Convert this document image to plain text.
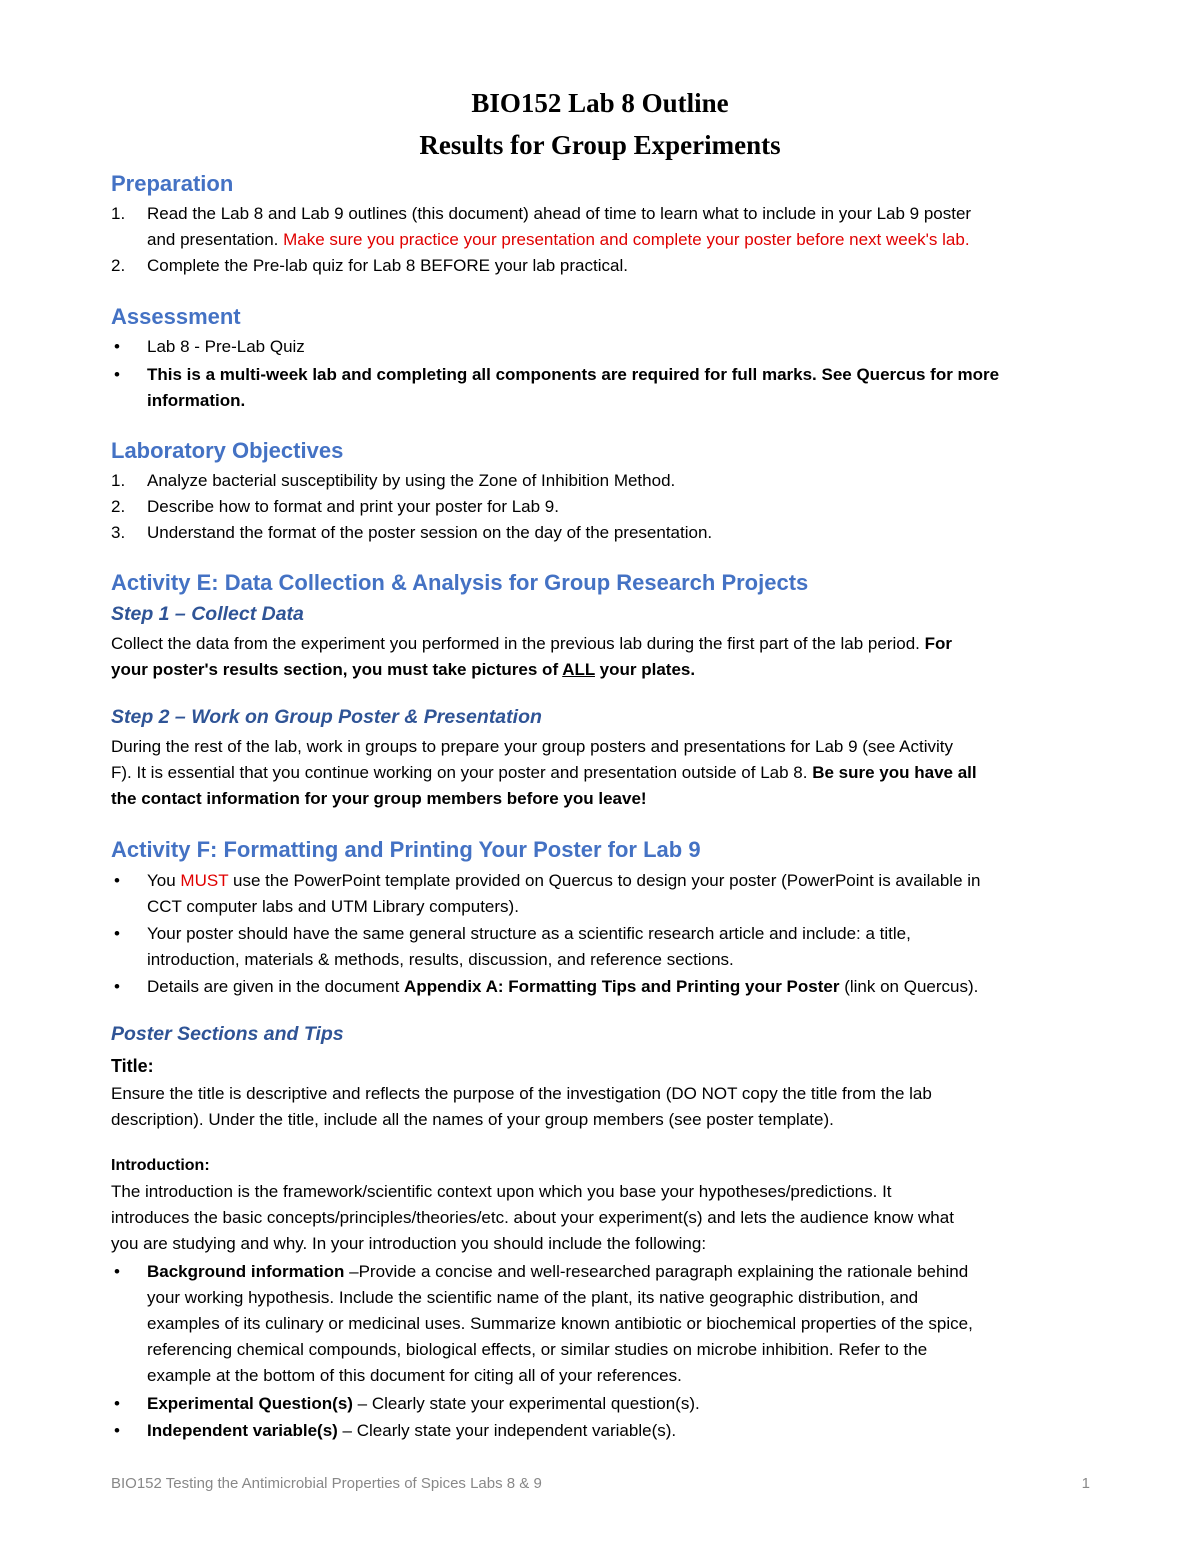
BIO152 Lab 8 Outline
Results for Group Experiments
Preparation
1. Read the Lab 8 and Lab 9 outlines (this document) ahead of time to learn what to include in your Lab 9 poster
and presentation. Make sure you practice your presentation and complete your poster before next week's lab.
2. Complete the Pre-lab quiz for Lab 8 BEFORE your lab practical.
Assessment
• Lab 8 - Pre-Lab Quiz
• This is a multi-week lab and completing all components are required for full marks. See Quercus for more
information.
Laboratory Objectives
1. Analyze bacterial susceptibility by using the Zone of Inhibition Method.
2. Describe how to format and print your poster for Lab 9.
3. Understand the format of the poster session on the day of the presentation.
Activity E: Data Collection & Analysis for Group Research Projects
Step 1 – Collect Data
Collect the data from the experiment you performed in the previous lab during the first part of the lab period. For
your poster's results section, you must take pictures of ALL your plates.
Step 2 – Work on Group Poster & Presentation
During the rest of the lab, work in groups to prepare your group posters and presentations for Lab 9 (see Activity
F). It is essential that you continue working on your poster and presentation outside of Lab 8. Be sure you have all
the contact information for your group members before you leave!
Activity F: Formatting and Printing Your Poster for Lab 9
• You MUST use the PowerPoint template provided on Quercus to design your poster (PowerPoint is available in
CCT computer labs and UTM Library computers).
• Your poster should have the same general structure as a scientific research article and include: a title,
introduction, materials & methods, results, discussion, and reference sections.
• Details are given in the document Appendix A: Formatting Tips and Printing your Poster (link on Quercus).
Poster Sections and Tips
Title:
Ensure the title is descriptive and reflects the purpose of the investigation (DO NOT copy the title from the lab
description). Under the title, include all the names of your group members (see poster template).
Introduction:
The introduction is the framework/scientific context upon which you base your hypotheses/predictions. It
introduces the basic concepts/principles/theories/etc. about your experiment(s) and lets the audience know what
you are studying and why. In your introduction you should include the following:
• Background information –Provide a concise and well-researched paragraph explaining the rationale behind
your working hypothesis. Include the scientific name of the plant, its native geographic distribution, and
examples of its culinary or medicinal uses. Summarize known antibiotic or biochemical properties of the spice,
referencing chemical compounds, biological effects, or similar studies on microbe inhibition. Refer to the
example at the bottom of this document for citing all of your references.
• Experimental Question(s) – Clearly state your experimental question(s).
• Independent variable(s) – Clearly state your independent variable(s).
BIO152 Testing the Antimicrobial Properties of Spices Labs 8 & 9	1
